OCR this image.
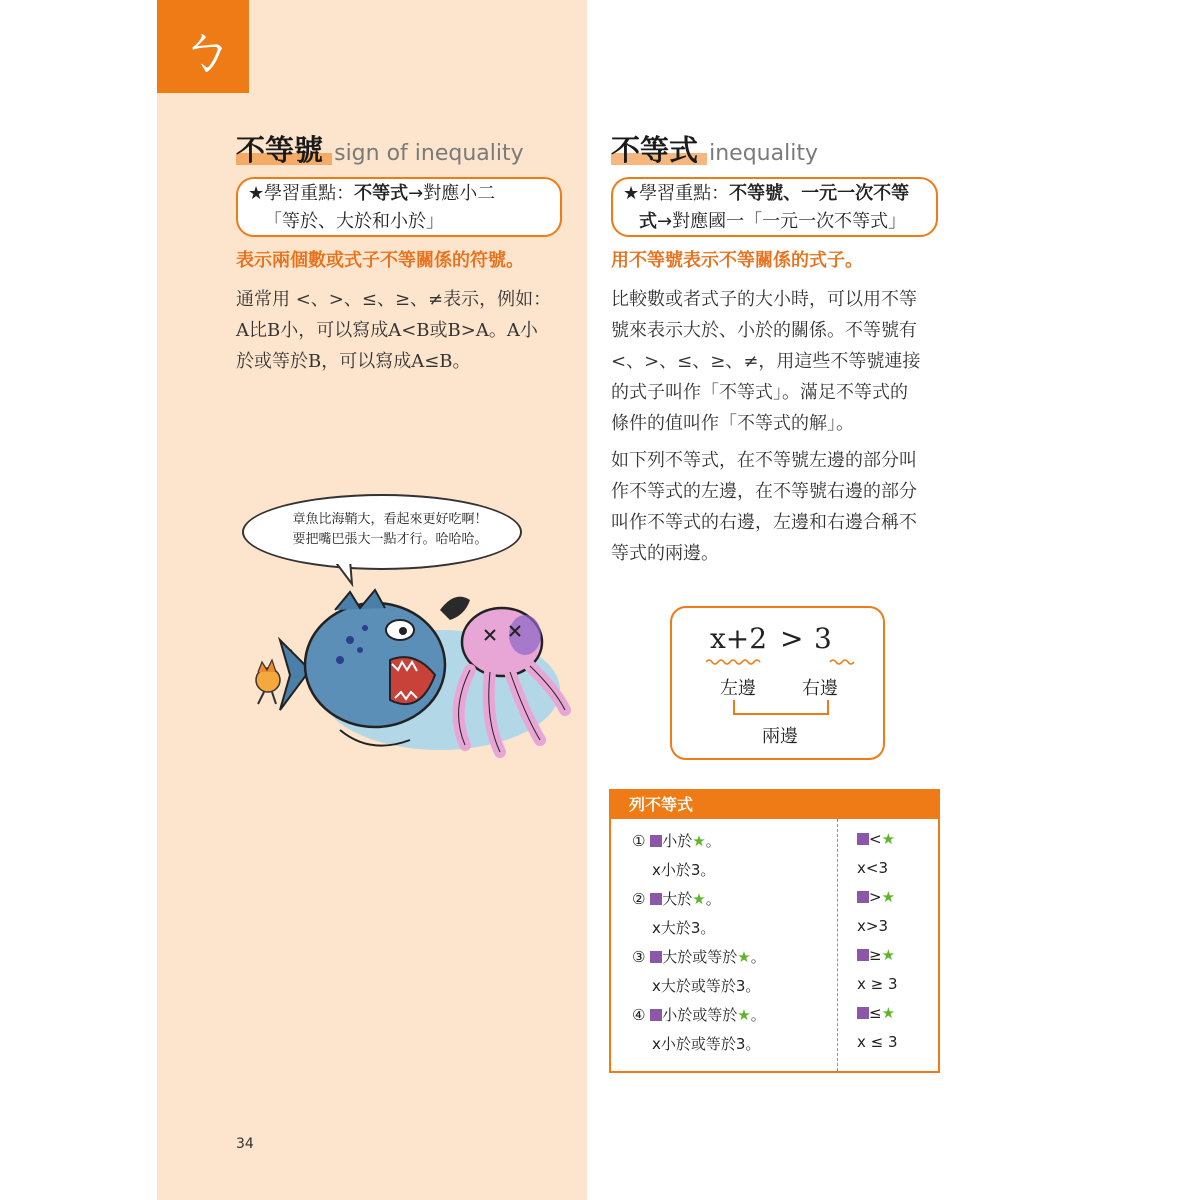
ㄅ
不等號 sign of inequality
★學習重點：不等式→對應小二
「等於、大於和小於」
表示兩個數或式子不等關係的符號。
通常用 <、>、≤、≥、≠表示，例如：
A比B小，可以寫成A<B或B>A。A小
於或等於B，可以寫成A≤B。
章魚比海鞘大，看起來更好吃啊！
要把嘴巴張大一點才行。哈哈哈。
不等式 inequality
★學習重點：不等號、一元一次不等
式→對應國一「一元一次不等式」
用不等號表示不等關係的式子。
比較數或者式子的大小時，可以用不等
號來表示大於、小於的關係。不等號有
<、>、≤、≥、≠，用這些不等號連接
的式子叫作「不等式」。滿足不等式的
條件的值叫作「不等式的解」。
如下列不等式，在不等號左邊的部分叫
作不等式的左邊，在不等號右邊的部分
叫作不等式的右邊，左邊和右邊合稱不
等式的兩邊。
x+2 > 3
左邊	右邊
兩邊
列不等式
① 小於★。
x小於3。
<★
x<3
② 大於★。
x大於3。
>★
x>3
③ 大於或等於★。
x大於或等於3。
≥★
x ≥ 3
④ 小於或等於★。
x小於或等於3。
≤★
x ≤ 3
34
